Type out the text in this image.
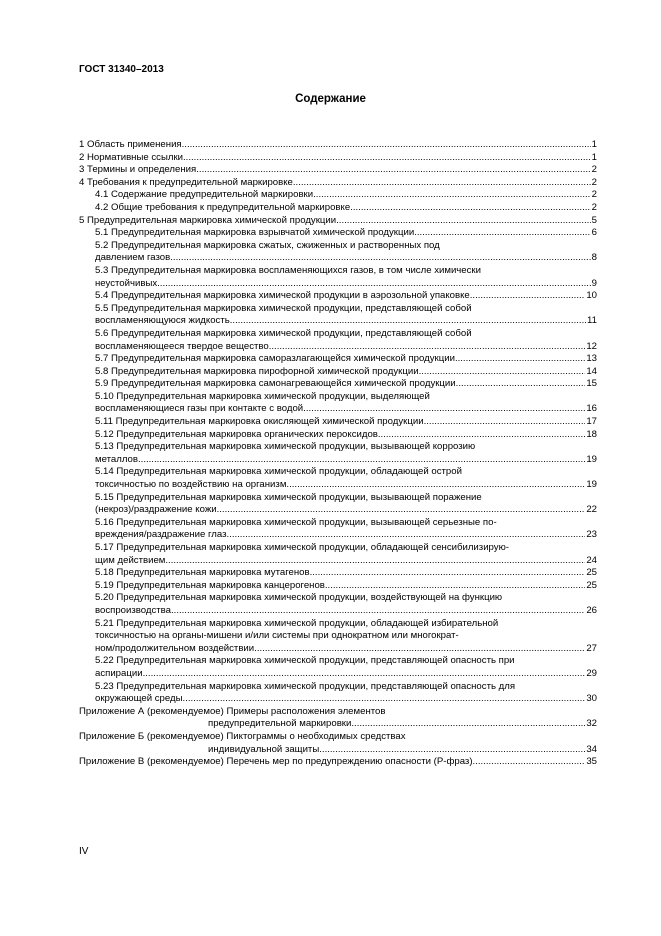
ГОСТ 31340–2013
Содержание
1 Область применения .....	1
2 Нормативные ссылки .....	1
3 Термины и определения .....	2
4 Требования к предупредительной маркировке .....	2
4.1 Содержание предупредительной маркировки .....	2
4.2 Общие требования к предупредительной маркировке .....	2
5 Предупредительная маркировка химической продукции .....	5
5.1 Предупредительная маркировка взрывчатой химической продукции .....	6
5.2 Предупредительная маркировка сжатых, сжиженных и растворенных под
давлением газов .....	8
5.3 Предупредительная маркировка воспламеняющихся газов, в том числе химически
неустойчивых .....	9
5.4 Предупредительная маркировка химической продукции в аэрозольной упаковке .....	10
5.5 Предупредительная маркировка химической продукции, представляющей собой
воспламеняющуюся жидкость .....	11
5.6 Предупредительная маркировка химической продукции, представляющей собой
воспламеняющееся твердое вещество .....	12
5.7 Предупредительная маркировка саморазлагающейся химической продукции .....	13
5.8 Предупредительная маркировка пирофорной химической продукции .....	14
5.9 Предупредительная маркировка самонагревающейся химической продукции .....	15
5.10 Предупредительная маркировка химической продукции, выделяющей
воспламеняющиеся газы при контакте с водой .....	16
5.11 Предупредительная маркировка окисляющей химической продукции .....	17
5.12 Предупредительная маркировка органических пероксидов .....	18
5.13 Предупредительная маркировка химической продукции, вызывающей коррозию
металлов .....	19
5.14 Предупредительная маркировка химической продукции, обладающей острой
токсичностью по воздействию на организм .....	19
5.15 Предупредительная маркировка химической продукции, вызывающей поражение
(некроз)/раздражение кожи .....	22
5.16 Предупредительная маркировка химической продукции, вызывающей серьезные по-
вреждения/раздражение глаз .....	23
5.17 Предупредительная маркировка химической продукции, обладающей сенсибилизирую-
щим действием .....	24
5.18 Предупредительная маркировка мутагенов .....	25
5.19 Предупредительная маркировка канцерогенов .....	25
5.20 Предупредительная маркировка химической продукции, воздействующей на функцию
воспроизводства .....	26
5.21 Предупредительная маркировка химической продукции, обладающей избирательной
токсичностью на органы-мишени и/или системы при однократном или многократ-
ном/продолжительном воздействии .....	27
5.22 Предупредительная маркировка химической продукции, представляющей опасность при
аспирации .....	29
5.23 Предупредительная маркировка химической продукции, представляющей опасность для
окружающей среды .....	30
Приложение А (рекомендуемое) Примеры расположения элементов
предупредительной маркировки .....	32
Приложение Б (рекомендуемое) Пиктограммы о необходимых средствах
индивидуальной защиты .....	34
Приложение В (рекомендуемое) Перечень мер по предупреждению опасности (Р-фраз) .....	35
IV
